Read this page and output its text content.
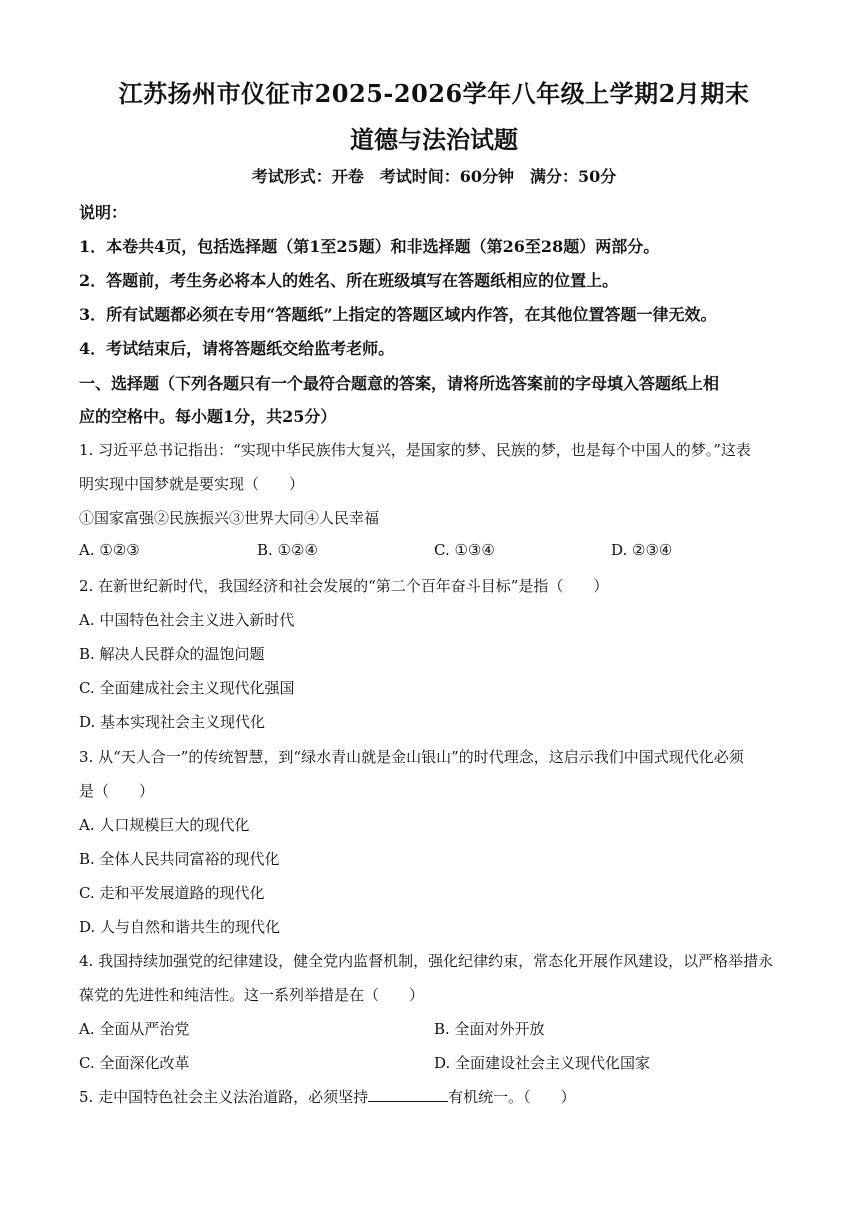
江苏扬州市仪征市2025-2026学年八年级上学期2月期末
道德与法治试题
考试形式：开卷　考试时间：60分钟　满分：50分
说明：
1．本卷共4页，包括选择题（第1至25题）和非选择题（第26至28题）两部分。
2．答题前，考生务必将本人的姓名、所在班级填写在答题纸相应的位置上。
3．所有试题都必须在专用“答题纸”上指定的答题区域内作答，在其他位置答题一律无效。
4．考试结束后，请将答题纸交给监考老师。
一、选择题（下列各题只有一个最符合题意的答案，请将所选答案前的字母填入答题纸上相
应的空格中。每小题1分，共25分）
1. 习近平总书记指出：“实现中华民族伟大复兴，是国家的梦、民族的梦，也是每个中国人的梦。”这表
明实现中国梦就是要实现（　　）
①国家富强②民族振兴③世界大同④人民幸福
A. ①②③	B. ①②④	C. ①③④	D. ②③④
2. 在新世纪新时代，我国经济和社会发展的“第二个百年奋斗目标”是指（　　）
A. 中国特色社会主义进入新时代
B. 解决人民群众的温饱问题
C. 全面建成社会主义现代化强国
D. 基本实现社会主义现代化
3. 从“天人合一”的传统智慧，到“绿水青山就是金山银山”的时代理念，这启示我们中国式现代化必须
是（　　）
A. 人口规模巨大的现代化
B. 全体人民共同富裕的现代化
C. 走和平发展道路的现代化
D. 人与自然和谐共生的现代化
4. 我国持续加强党的纪律建设，健全党内监督机制，强化纪律约束，常态化开展作风建设，以严格举措永
葆党的先进性和纯洁性。这一系列举措是在（　　）
A. 全面从严治党	B. 全面对外开放
C. 全面深化改革	D. 全面建设社会主义现代化国家
5. 走中国特色社会主义法治道路，必须坚持	有机统一。（　　）
